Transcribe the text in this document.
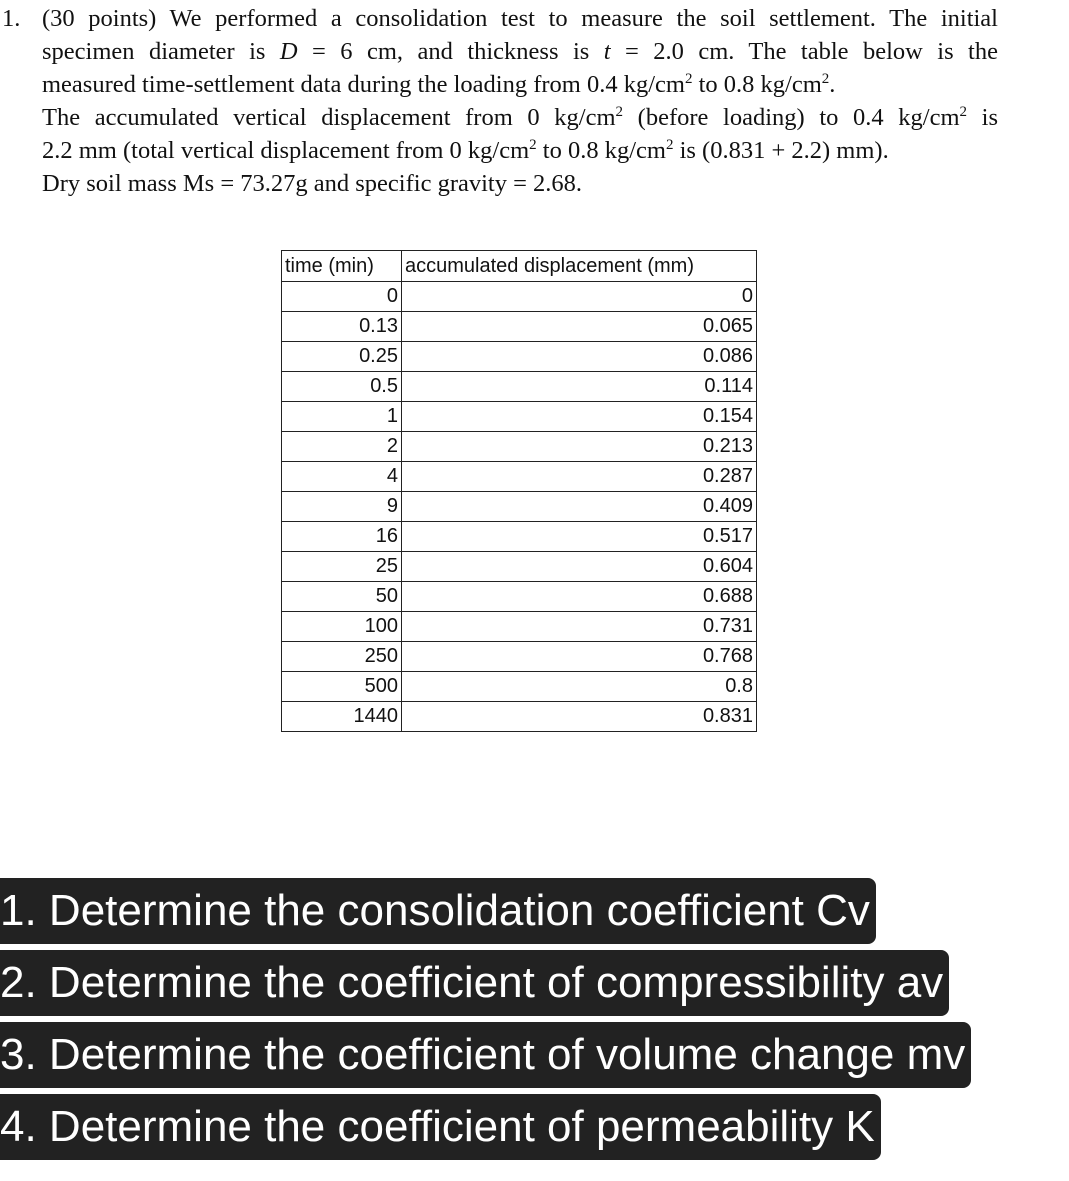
1. (30 points) We performed a consolidation test to measure the soil settlement. The initial
specimen diameter is D = 6 cm, and thickness is t = 2.0 cm. The table below is the
measured time-settlement data during the loading from 0.4 $kg/cm^2$ to 0.8 $kg/cm^2$.
The accumulated vertical displacement from 0 $kg/cm^2$ (before loading) to 0.4 $kg/cm^2$ is
2.2 mm (total vertical displacement from 0 $kg/cm^2$ to 0.8 $kg/cm^2$ is (0.831 + 2.2) mm).
Dry soil mass Ms = 73.27g and specific gravity = 2.68.
time (min)	accumulated displacement (mm)
0	0
0.13	0.065
0.25	0.086
0.5	0.114
1	0.154
2	0.213
4	0.287
9	0.409
16	0.517
25	0.604
50	0.688
100	0.731
250	0.768
500	0.8
1440	0.831
1. Determine the consolidation coefficient Cv
2. Determine the coefficient of compressibility av
3. Determine the coefficient of volume change mv
4. Determine the coefficient of permeability K
